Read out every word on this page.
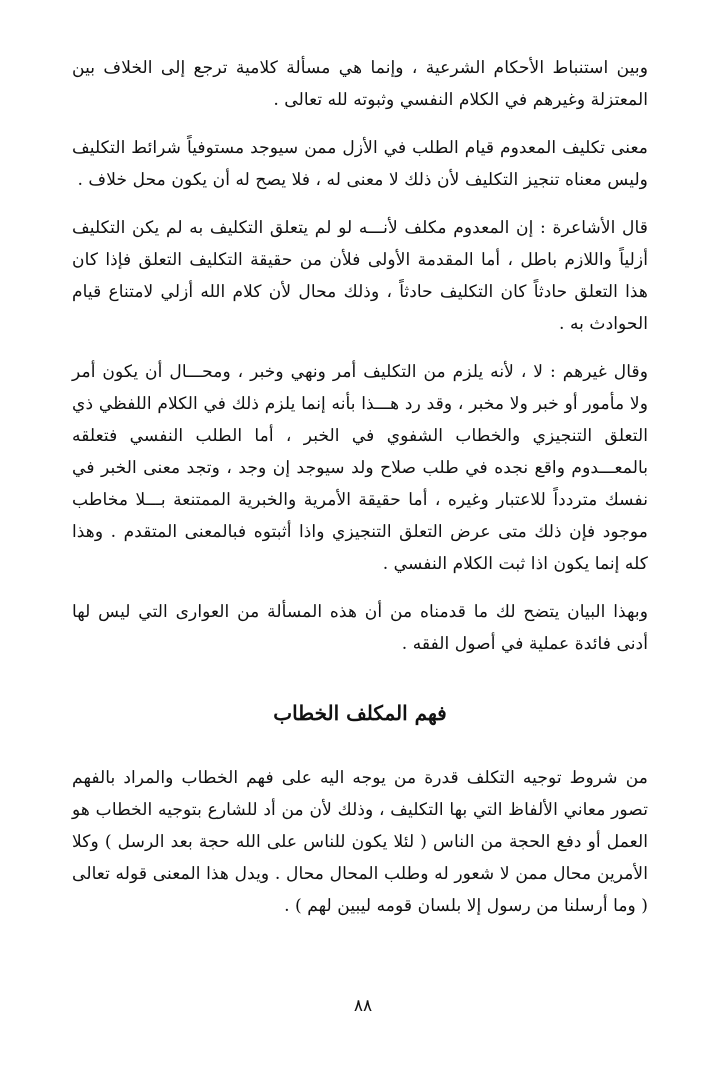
وبين استنباط الأحكام الشرعية ، وإنما هي مسألة كلامية ترجع إلى الخلاف بين المعتزلة وغيرهم في الكلام النفسي وثبوته لله تعالى .

معنى تكليف المعدوم قيام الطلب في الأزل ممن سيوجد مستوفياً شرائط التكليف وليس معناه تنجيز التكليف لأن ذلك لا معنى له ، فلا يصح له أن يكون محل خلاف .

قال الأشاعرة : إن المعدوم مكلف لأنـــه لو لم يتعلق التكليف به لم يكن التكليف أزلياً واللازم باطل ، أما المقدمة الأولى فلأن من حقيقة التكليف التعلق فإذا كان هذا التعلق حادثاً كان التكليف حادثاً ، وذلك محال لأن كلام الله أزلي لامتناع قيام الحوادث به .

وقال غيرهم : لا ، لأنه يلزم من التكليف أمر ونهي وخبر ، ومحـــال أن يكون أمر ولا مأمور أو خبر ولا مخبر ، وقد رد هـــذا بأنه إنما يلزم ذلك في الكلام اللفظي ذي التعلق التنجيزي والخطاب الشفوي في الخبر ، أما الطلب النفسي فتعلقه بالمعـــدوم واقع نجده في طلب صلاح ولد سيوجد إن وجد ، وتجد معنى الخبر في نفسك متردداً للاعتبار وغيره ، أما حقيقة الأمرية والخبرية الممتنعة بـــلا مخاطب موجود فإن ذلك متى عرض التعلق التنجيزي واذا أثبتوه فبالمعنى المتقدم . وهذا كله إنما يكون اذا ثبت الكلام النفسي .

وبهذا البيان يتضح لك ما قدمناه من أن هذه المسألة من العوارى التي ليس لها أدنى فائدة عملية في أصول الفقه .

فهم المكلف الخطاب

من شروط توجيه التكلف قدرة من يوجه اليه على فهم الخطاب والمراد بالفهم تصور معاني الألفاظ التي بها التكليف ، وذلك لأن من أد للشارع بتوجيه الخطاب هو العمل أو دفع الحجة من الناس ( لئلا يكون للناس على الله حجة بعد الرسل ) وكلا الأمرين محال ممن لا شعور له وطلب المحال محال . ويدل هذا المعنى قوله تعالى ( وما أرسلنا من رسول إلا بلسان قومه ليبين لهم ) .

٨٨
